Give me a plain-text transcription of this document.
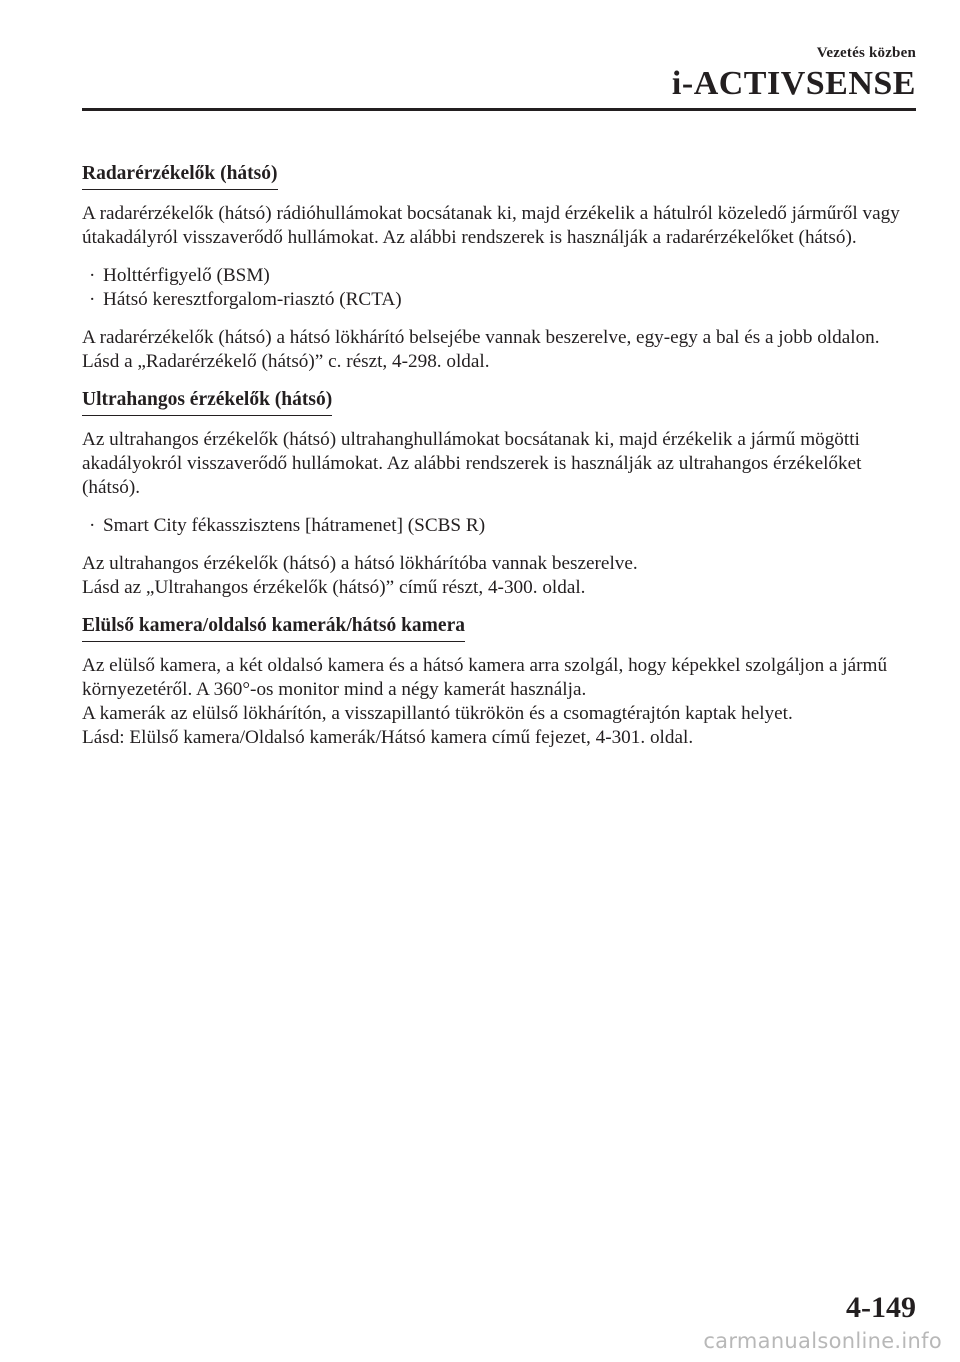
Vezetés közben
i-ACTIVSENSE
Radarérzékelők (hátsó)

A radarérzékelők (hátsó) rádióhullámokat bocsátanak ki, majd érzékelik a hátulról közeledő járműről vagy útakadályról visszaverődő hullámokat. Az alábbi rendszerek is használják a radarérzékelőket (hátsó).

· Holttérfigyelő (BSM)
· Hátsó keresztforgalom-riasztó (RCTA)

A radarérzékelők (hátsó) a hátsó lökhárító belsejébe vannak beszerelve, egy-egy a bal és a jobb oldalon.

Lásd a „Radarérzékelő (hátsó)” c. részt, 4-298. oldal.

Ultrahangos érzékelők (hátsó)

Az ultrahangos érzékelők (hátsó) ultrahanghullámokat bocsátanak ki, majd érzékelik a jármű mögötti akadályokról visszaverődő hullámokat. Az alábbi rendszerek is használják az ultrahangos érzékelőket (hátsó).

· Smart City fékasszisztens [hátramenet] (SCBS R)

Az ultrahangos érzékelők (hátsó) a hátsó lökhárítóba vannak beszerelve.

Lásd az „Ultrahangos érzékelők (hátsó)” című részt, 4-300. oldal.

Elülső kamera/oldalsó kamerák/hátsó kamera

Az elülső kamera, a két oldalsó kamera és a hátsó kamera arra szolgál, hogy képekkel szolgáljon a jármű környezetéről. A 360°-os monitor mind a négy kamerát használja.

A kamerák az elülső lökhárítón, a visszapillantó tükrökön és a csomagtérajtón kaptak helyet.

Lásd: Elülső kamera/Oldalsó kamerák/Hátsó kamera című fejezet, 4-301. oldal.

4-149
carmanualsonline.info
